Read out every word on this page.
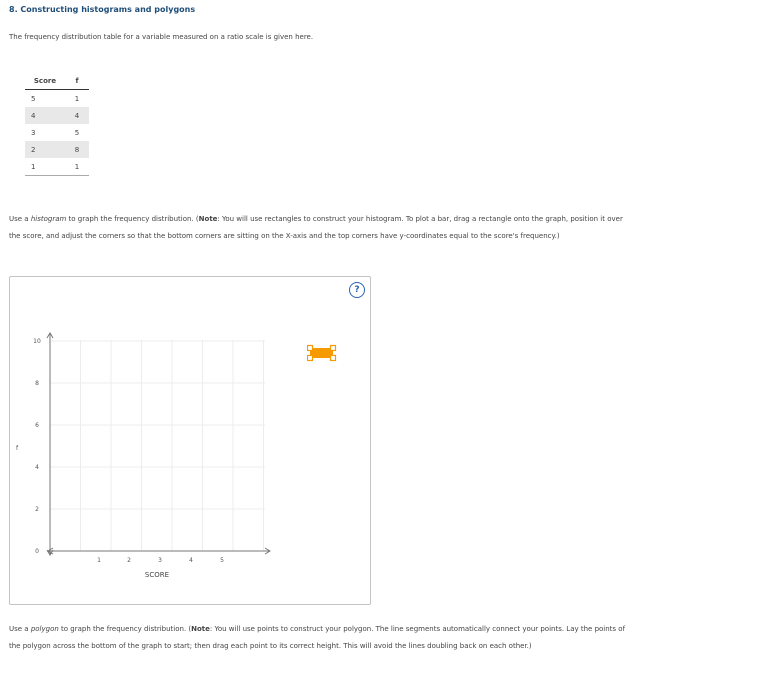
8. Constructing histograms and polygons
The frequency distribution table for a variable measured on a ratio scale is given here.
Score	f
5	1
4	4
3	5
2	8
1	1
Use a histogram to graph the frequency distribution. (Note: You will use rectangles to construct your histogram. To plot a bar, drag a rectangle onto the graph, position it over the score, and adjust the corners so that the bottom corners are sitting on the X-axis and the top corners have y-coordinates equal to the score's frequency.)
1	2	3	4	5
0
2
4
6
8
10
f
SCORE
?
Use a polygon to graph the frequency distribution. (Note: You will use points to construct your polygon. The line segments automatically connect your points. Lay the points of the polygon across the bottom of the graph to start; then drag each point to its correct height. This will avoid the lines doubling back on each other.)
